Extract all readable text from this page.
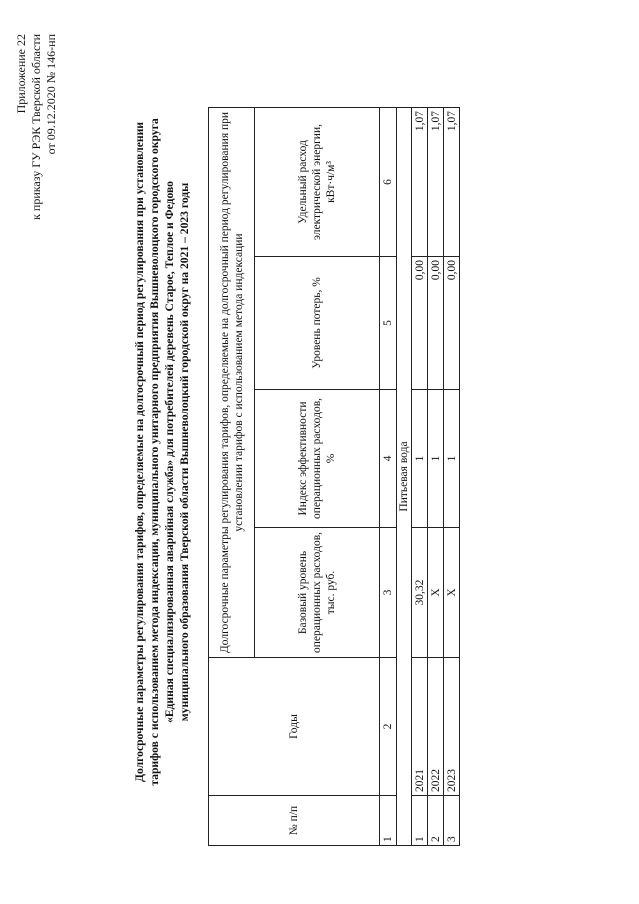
Приложение 22 к приказу ГУ РЭК Тверской области от 09.12.2020 № 146-нп
Долгосрочные параметры регулирования тарифов, определяемые на долгосрочный период регулирования при установлении тарифов с использованием метода индексации, муниципального унитарного предприятия Вышневолоцкого городского округа «Единая специализированная аварийная служба» для потребителей деревень Старое, Теплое и Федово муниципального образования Тверской области Вышневолоцкий городской округ на 2021 – 2023 годы
№ п/п	Годы	Долгосрочные параметры регулирования тарифов, определяемые на долгосрочный период регулирования при установлении тарифов с использованием метода индексации			
		Базовый уровень операционных расходов, тыс. руб.	Индекс эффективности операционных расходов, %	Уровень потерь, %	Удельный расход электрической энергии, кВт·ч/м³
1	2	3	4	5	6
Питьевая вода					
1	2021	30,32	1	0,00	1,07
2	2022	X	1	0,00	1,07
3	2023	X	1	0,00	1,07
